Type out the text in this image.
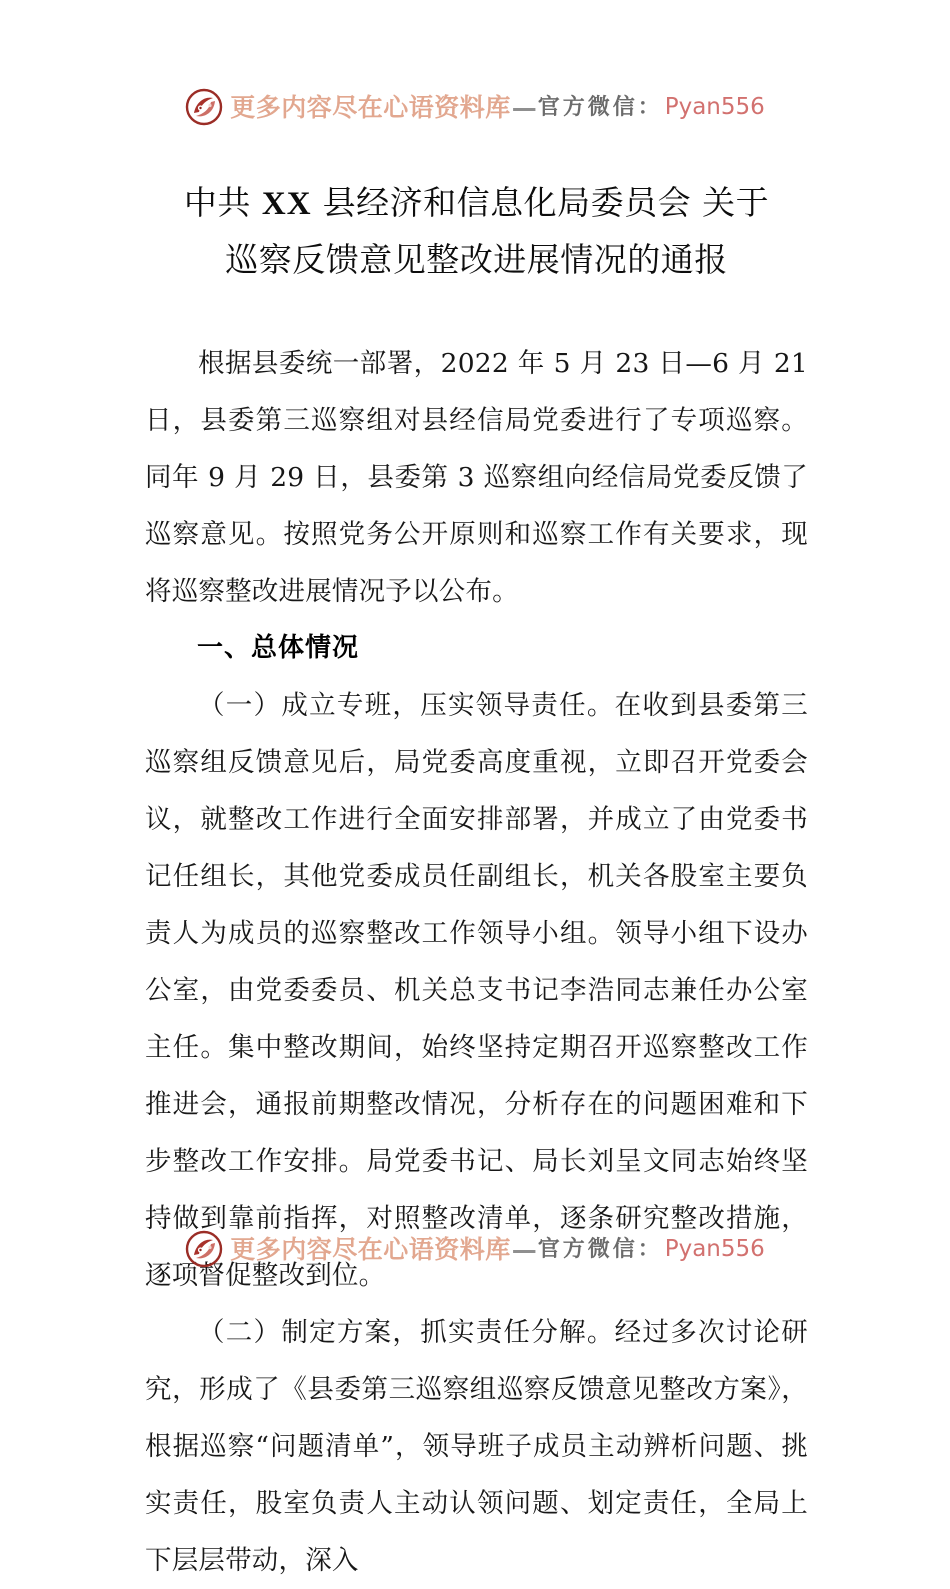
更多内容尽在心语资料库 — 官方微信： Pyan556
中共 XX 县经济和信息化局委员会 关于
巡察反馈意见整改进展情况的通报

根据县委统一部署，2022 年 5 月 23 日—6 月 21 日，县委第三巡察组对县经信局党委进行了专项巡察。同年 9 月 29 日，县委第 3 巡察组向经信局党委反馈了巡察意见。按照党务公开原则和巡察工作有关要求，现将巡察整改进展情况予以公布。

一、总体情况

（一）成立专班，压实领导责任。在收到县委第三巡察组反馈意见后，局党委高度重视，立即召开党委会议，就整改工作进行全面安排部署，并成立了由党委书记任组长，其他党委成员任副组长，机关各股室主要负责人为成员的巡察整改工作领导小组。领导小组下设办公室，由党委委员、机关总支书记李浩同志兼任办公室主任。集中整改期间，始终坚持定期召开巡察整改工作推进会，通报前期整改情况，分析存在的问题困难和下步整改工作安排。局党委书记、局长刘呈文同志始终坚持做到靠前指挥，对照整改清单，逐条研究整改措施，逐项督促整改到位。

（二）制定方案，抓实责任分解。经过多次讨论研究，形成了《县委第三巡察组巡察反馈意见整改方案》，根据巡察“问题清单”，领导班子成员主动辨析问题、挑实责任，股室负责人主动认领问题、划定责任，全局上下层层带动，深入

更多内容尽在心语资料库 — 官方微信： Pyan556
